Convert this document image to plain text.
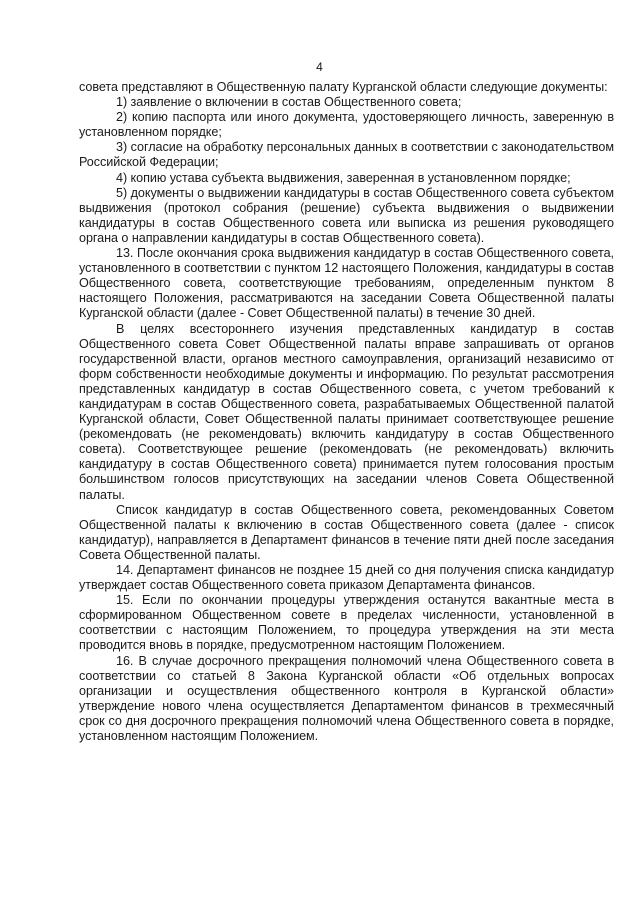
4

совета представляют в Общественную палату Курганской области следующие документы:

1) заявление о включении в состав Общественного совета;

2) копию паспорта или иного документа, удостоверяющего личность, заверенную в установленном порядке;

3) согласие на обработку персональных данных в соответствии с законодательством Российской Федерации;

4) копию устава субъекта выдвижения, заверенная в установленном порядке;

5) документы о выдвижении кандидатуры в состав Общественного совета субъектом выдвижения (протокол собрания (решение) субъекта выдвижения о выдвижении кандидатуры в состав Общественного совета или выписка из решения руководящего органа о направлении кандидатуры в состав Общественного совета).

13. После окончания срока выдвижения кандидатур в состав Общественного совета, установленного в соответствии с пунктом 12 настоящего Положения, кандидатуры в состав Общественного совета, соответствующие требованиям, определенным пунктом 8 настоящего Положения, рассматриваются на заседании Совета Общественной палаты Курганской области (далее - Совет Общественной палаты) в течение 30 дней.

В целях всестороннего изучения представленных кандидатур в состав Общественного совета Совет Общественной палаты вправе запрашивать от органов государственной власти, органов местного самоуправления, организаций независимо от форм собственности необходимые документы и информацию. По результат рассмотрения представленных кандидатур в состав Общественного совета, с учетом требований к кандидатурам в состав Общественного совета, разрабатываемых Общественной палатой Курганской области, Совет Общественной палаты принимает соответствующее решение (рекомендовать (не рекомендовать) включить кандидатуру в состав Общественного совета). Соответствующее решение (рекомендовать (не рекомендовать) включить кандидатуру в состав Общественного совета) принимается путем голосования простым большинством голосов присутствующих на заседании членов Совета Общественной палаты.

Список кандидатур в состав Общественного совета, рекомендованных Советом Общественной палаты к включению в состав Общественного совета (далее - список кандидатур), направляется в Департамент финансов в течение пяти дней после заседания Совета Общественной палаты.

14. Департамент финансов не позднее 15 дней со дня получения списка кандидатур утверждает состав Общественного совета приказом Департамента финансов.

15. Если по окончании процедуры утверждения останутся вакантные места в сформированном Общественном совете в пределах численности, установленной в соответствии с настоящим Положением, то процедура утверждения на эти места проводится вновь в порядке, предусмотренном настоящим Положением.

16. В случае досрочного прекращения полномочий члена Общественного совета в соответствии со статьей 8 Закона Курганской области «Об отдельных вопросах организации и осуществления общественного контроля в Курганской области» утверждение нового члена осуществляется Департаментом финансов в трехмесячный срок со дня досрочного прекращения полномочий члена Общественного совета в порядке, установленном настоящим Положением.
